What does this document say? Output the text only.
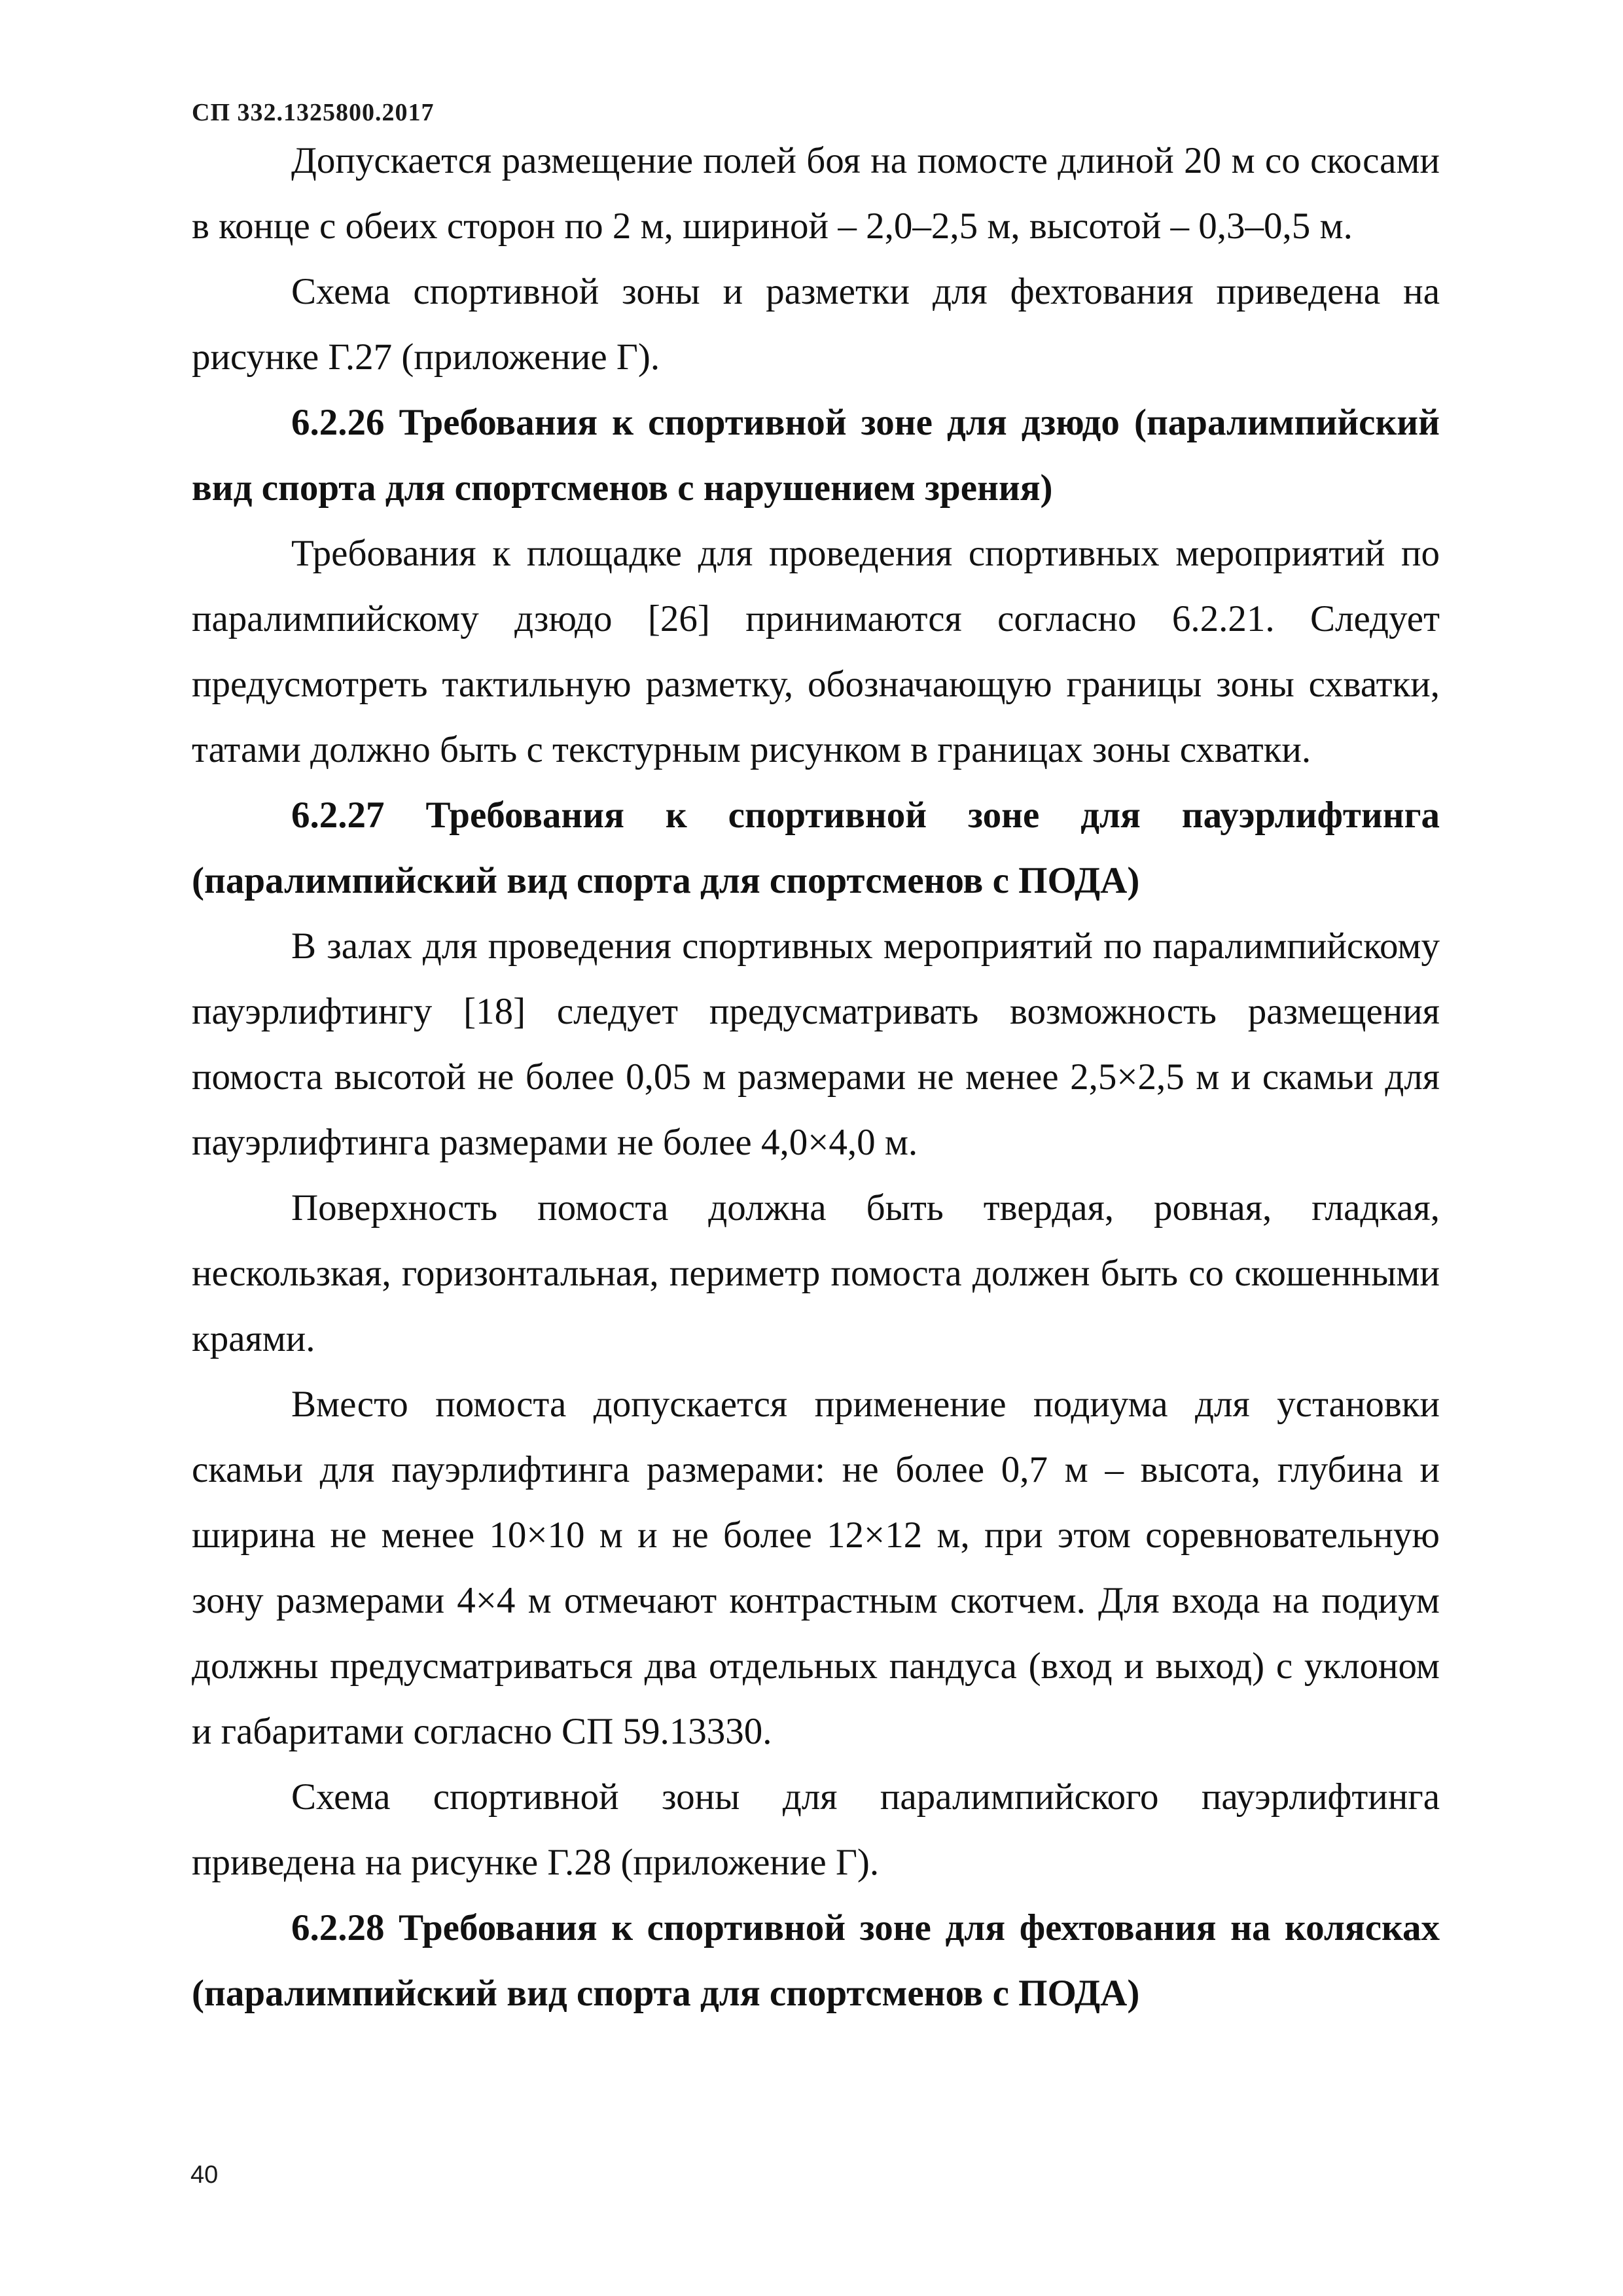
СП 332.1325800.2017

Допускается размещение полей боя на помосте длиной 20 м со скосами в конце с обеих сторон по 2 м, шириной – 2,0–2,5 м, высотой – 0,3–0,5 м.

Схема спортивной зоны и разметки для фехтования приведена на рисунке Г.27 (приложение Г).

6.2.26 Требования к спортивной зоне для дзюдо (паралимпийский вид спорта для спортсменов с нарушением зрения)

Требования к площадке для проведения спортивных мероприятий по паралимпийскому дзюдо [26] принимаются согласно 6.2.21. Следует предусмотреть тактильную разметку, обозначающую границы зоны схватки, татами должно быть с текстурным рисунком в границах зоны схватки.

6.2.27 Требования к спортивной зоне для пауэрлифтинга (паралимпийский вид спорта для спортсменов с ПОДА)

В залах для проведения спортивных мероприятий по паралимпийскому пауэрлифтингу [18] следует предусматривать возможность размещения помоста высотой не более 0,05 м размерами не менее 2,5×2,5 м и скамьи для пауэрлифтинга размерами не более 4,0×4,0 м.

Поверхность помоста должна быть твердая, ровная, гладкая, нескользкая, горизонтальная, периметр помоста должен быть со скошенными краями.

Вместо помоста допускается применение подиума для установки скамьи для пауэрлифтинга размерами: не более 0,7 м – высота, глубина и ширина не менее 10×10 м и не более 12×12 м, при этом соревновательную зону размерами 4×4 м отмечают контрастным скотчем. Для входа на подиум должны предусматриваться два отдельных пандуса (вход и выход) с уклоном и габаритами согласно СП 59.13330.

Схема спортивной зоны для паралимпийского пауэрлифтинга приведена на рисунке Г.28 (приложение Г).

6.2.28 Требования к спортивной зоне для фехтования на колясках (паралимпийский вид спорта для спортсменов с ПОДА)

40
